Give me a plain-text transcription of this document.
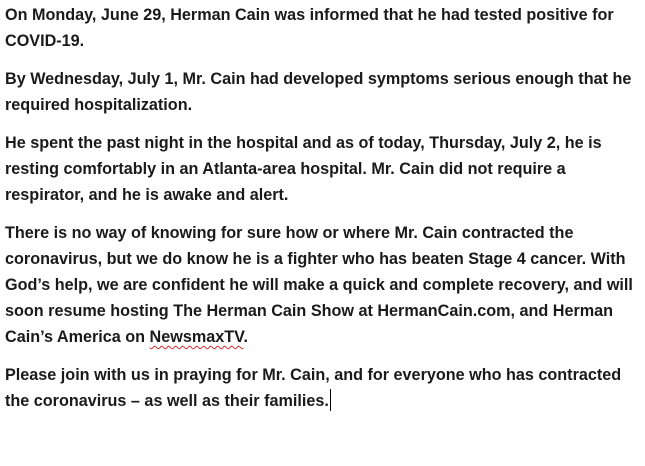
On Monday, June 29, Herman Cain was informed that he had tested positive for COVID-19.

By Wednesday, July 1, Mr. Cain had developed symptoms serious enough that he required hospitalization.

He spent the past night in the hospital and as of today, Thursday, July 2, he is resting comfortably in an Atlanta-area hospital. Mr. Cain did not require a respirator, and he is awake and alert.

There is no way of knowing for sure how or where Mr. Cain contracted the coronavirus, but we do know he is a fighter who has beaten Stage 4 cancer. With God’s help, we are confident he will make a quick and complete recovery, and will soon resume hosting The Herman Cain Show at HermanCain.com, and Herman Cain’s America on NewsmaxTV.

Please join with us in praying for Mr. Cain, and for everyone who has contracted the coronavirus – as well as their families.
